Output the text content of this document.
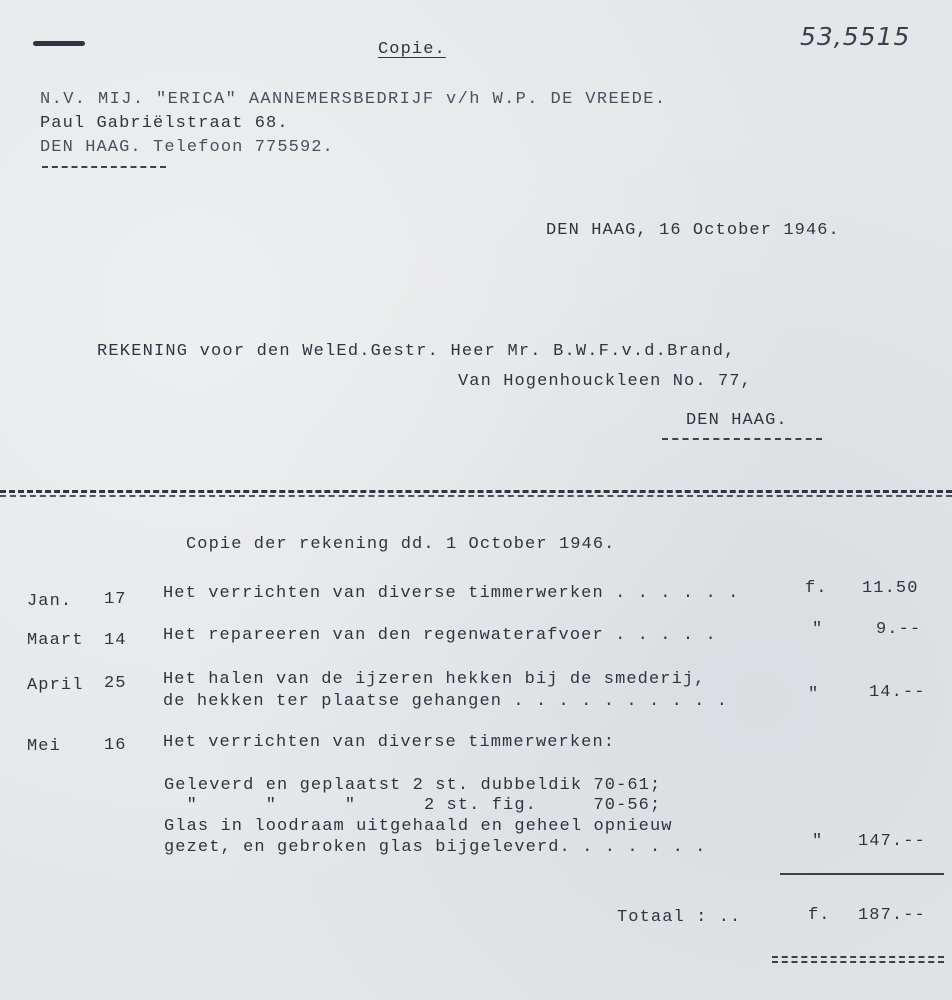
53,5515
Copie.
N.V. MIJ. "ERICA" AANNEMERSBEDRIJF v/h W.P. DE VREEDE.
Paul Gabriëlstraat 68.
DEN HAAG. Telefoon 775592.
DEN HAAG, 16 October 1946.
REKENING voor den WelEd.Gestr. Heer Mr. B.W.F.v.d.Brand,
Van Hogenhouckleen No. 77,
DEN HAAG.
Copie der rekening dd. 1 October 1946.
Jan. 17 Het verrichten van diverse timmerwerken . . . . . .	f. 11.50
Maart 14 Het repareeren van den regenwaterafvoer . . . . .	"	9.--
April 25 Het halen van de ijzeren hekken bij de smederij,
de hekken ter plaatse gehangen . . . . . . . . . .	"	14.--
Mei	16 Het verrichten van diverse timmerwerken:
Geleverd en geplaatst 2 st. dubbeldik 70-61;
"      "      "      2 st. fig.     70-56;
Glas in loodraam uitgehaald en geheel opnieuw
gezet, en gebroken glas bijgeleverd. . . . . . .	" 147.--
Totaal : ..	f. 187.--
